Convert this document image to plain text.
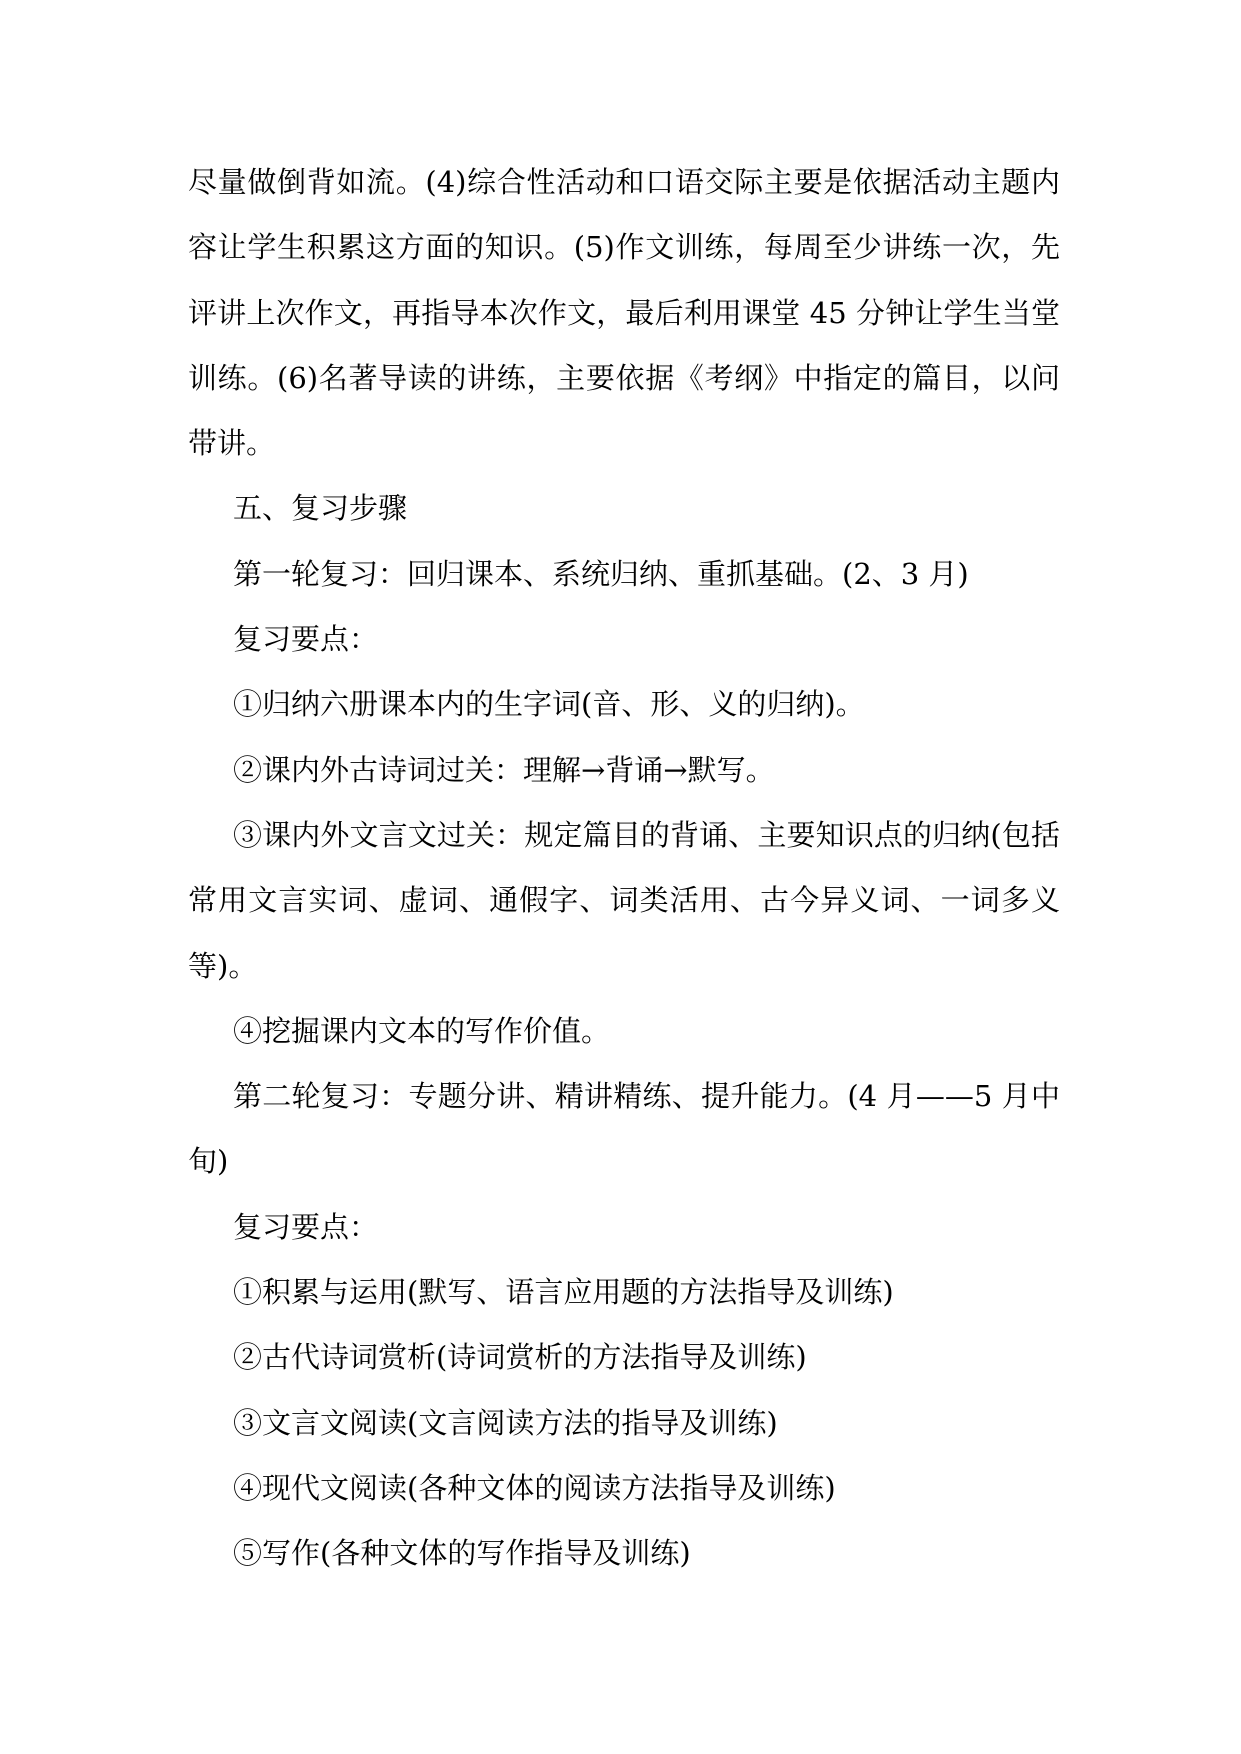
尽量做倒背如流。(4)综合性活动和口语交际主要是依据活动主题内
容让学生积累这方面的知识。(5)作文训练，每周至少讲练一次，先
评讲上次作文，再指导本次作文，最后利用课堂 45 分钟让学生当堂
训练。(6)名著导读的讲练，主要依据《考纲》中指定的篇目，以问
带讲。
五、复习步骤
第一轮复习：回归课本、系统归纳、重抓基础。(2、3 月)
复习要点：
①归纳六册课本内的生字词(音、形、义的归纳)。
②课内外古诗词过关：理解→背诵→默写。
③课内外文言文过关：规定篇目的背诵、主要知识点的归纳(包括
常用文言实词、虚词、通假字、词类活用、古今异义词、一词多义
等)。
④挖掘课内文本的写作价值。
第二轮复习：专题分讲、精讲精练、提升能力。(4 月——5 月中
旬)
复习要点：
①积累与运用(默写、语言应用题的方法指导及训练)
②古代诗词赏析(诗词赏析的方法指导及训练)
③文言文阅读(文言阅读方法的指导及训练)
④现代文阅读(各种文体的阅读方法指导及训练)
⑤写作(各种文体的写作指导及训练)
